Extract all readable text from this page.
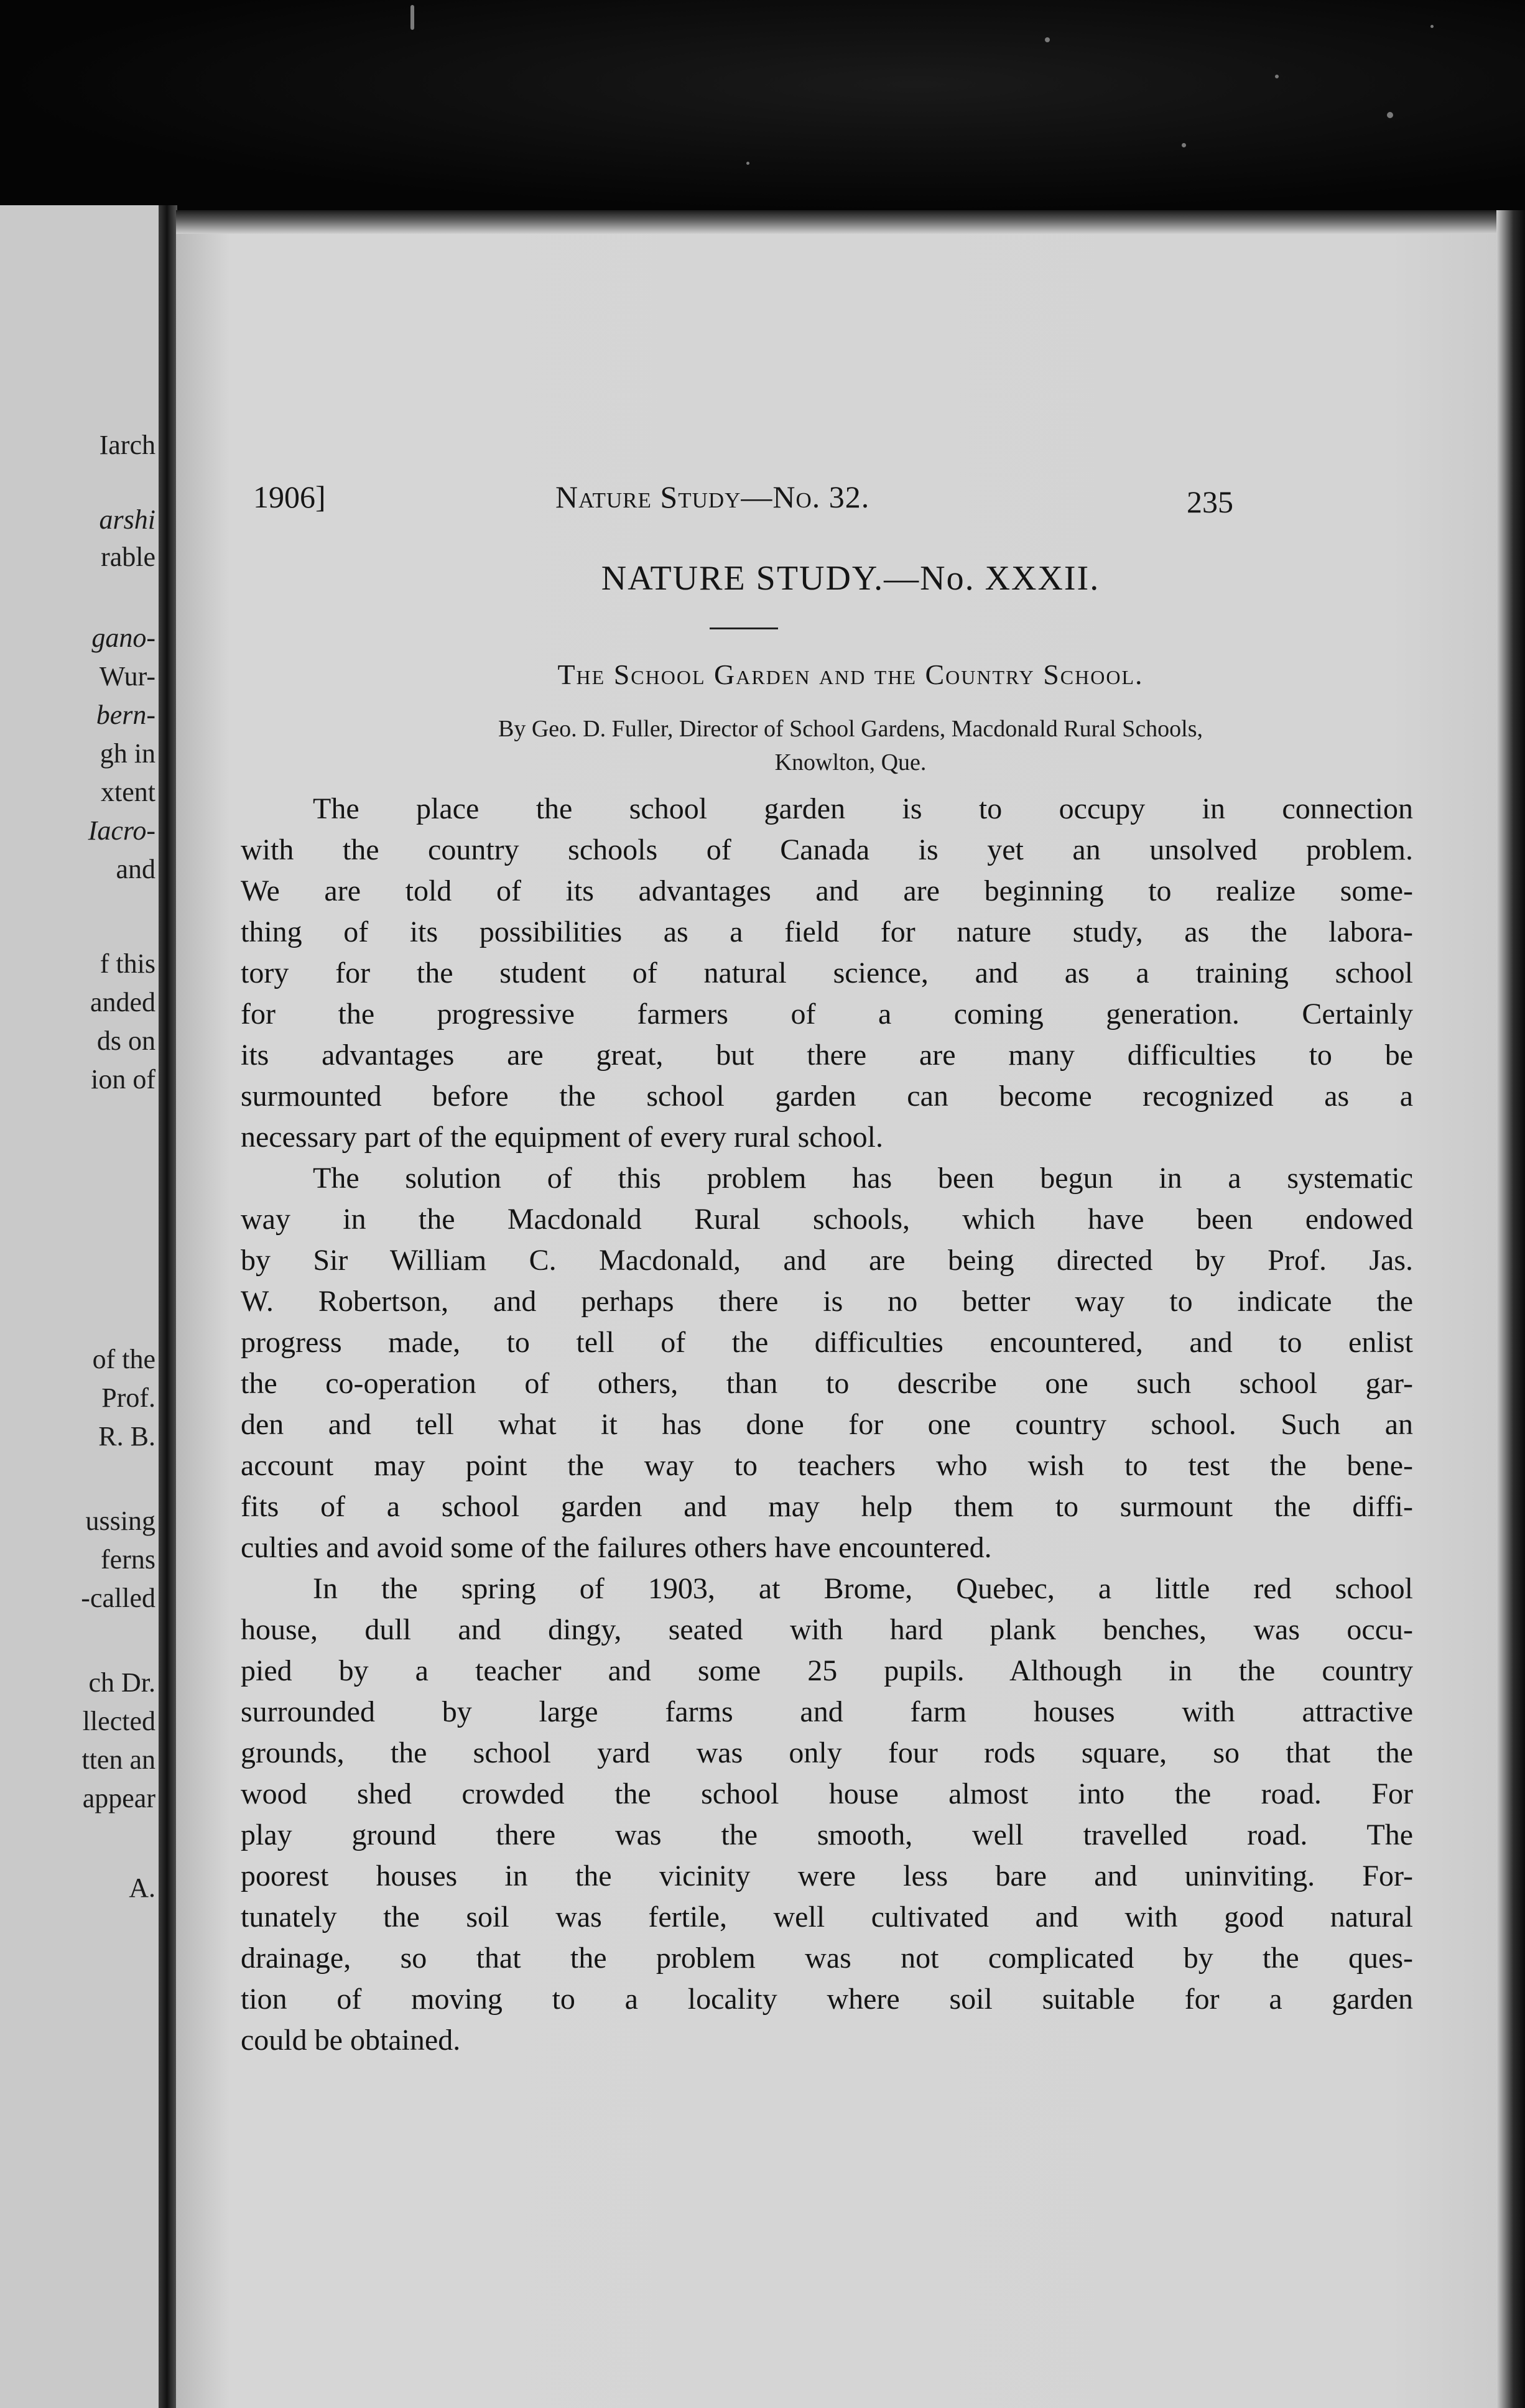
Iarch
arshi
rable
gano-
Wur-
bern-
gh in
xtent
Iacro-
and
f this
anded
ds on
ion of
of the
Prof.
R. B.
ussing
ferns
-called
ch Dr.
llected
tten an
appear
A.
1906]	Nature Study—No. 32.	235
NATURE STUDY.—No. XXXII.
The School Garden and the Country School.
By Geo. D. Fuller, Director of School Gardens, Macdonald Rural Schools,
Knowlton, Que.
The place the school garden is to occupy in connection
with the country schools of Canada is yet an unsolved problem.
We are told of its advantages and are beginning to realize some-
thing of its possibilities as a field for nature study, as the labora-
tory for the student of natural science, and as a training school
for the progressive farmers of a coming generation. Certainly
its advantages are great, but there are many difficulties to be
surmounted before the school garden can become recognized as a
necessary part of the equipment of every rural school.
The solution of this problem has been begun in a systematic
way in the Macdonald Rural schools, which have been endowed
by Sir William C. Macdonald, and are being directed by Prof. Jas.
W. Robertson, and perhaps there is no better way to indicate the
progress made, to tell of the difficulties encountered, and to enlist
the co-operation of others, than to describe one such school gar-
den and tell what it has done for one country school. Such an
account may point the way to teachers who wish to test the bene-
fits of a school garden and may help them to surmount the diffi-
culties and avoid some of the failures others have encountered.
In the spring of 1903, at Brome, Quebec, a little red school
house, dull and dingy, seated with hard plank benches, was occu-
pied by a teacher and some 25 pupils. Although in the country
surrounded by large farms and farm houses with attractive
grounds, the school yard was only four rods square, so that the
wood shed crowded the school house almost into the road. For
play ground there was the smooth, well travelled road. The
poorest houses in the vicinity were less bare and uninviting. For-
tunately the soil was fertile, well cultivated and with good natural
drainage, so that the problem was not complicated by the ques-
tion of moving to a locality where soil suitable for a garden
could be obtained.
